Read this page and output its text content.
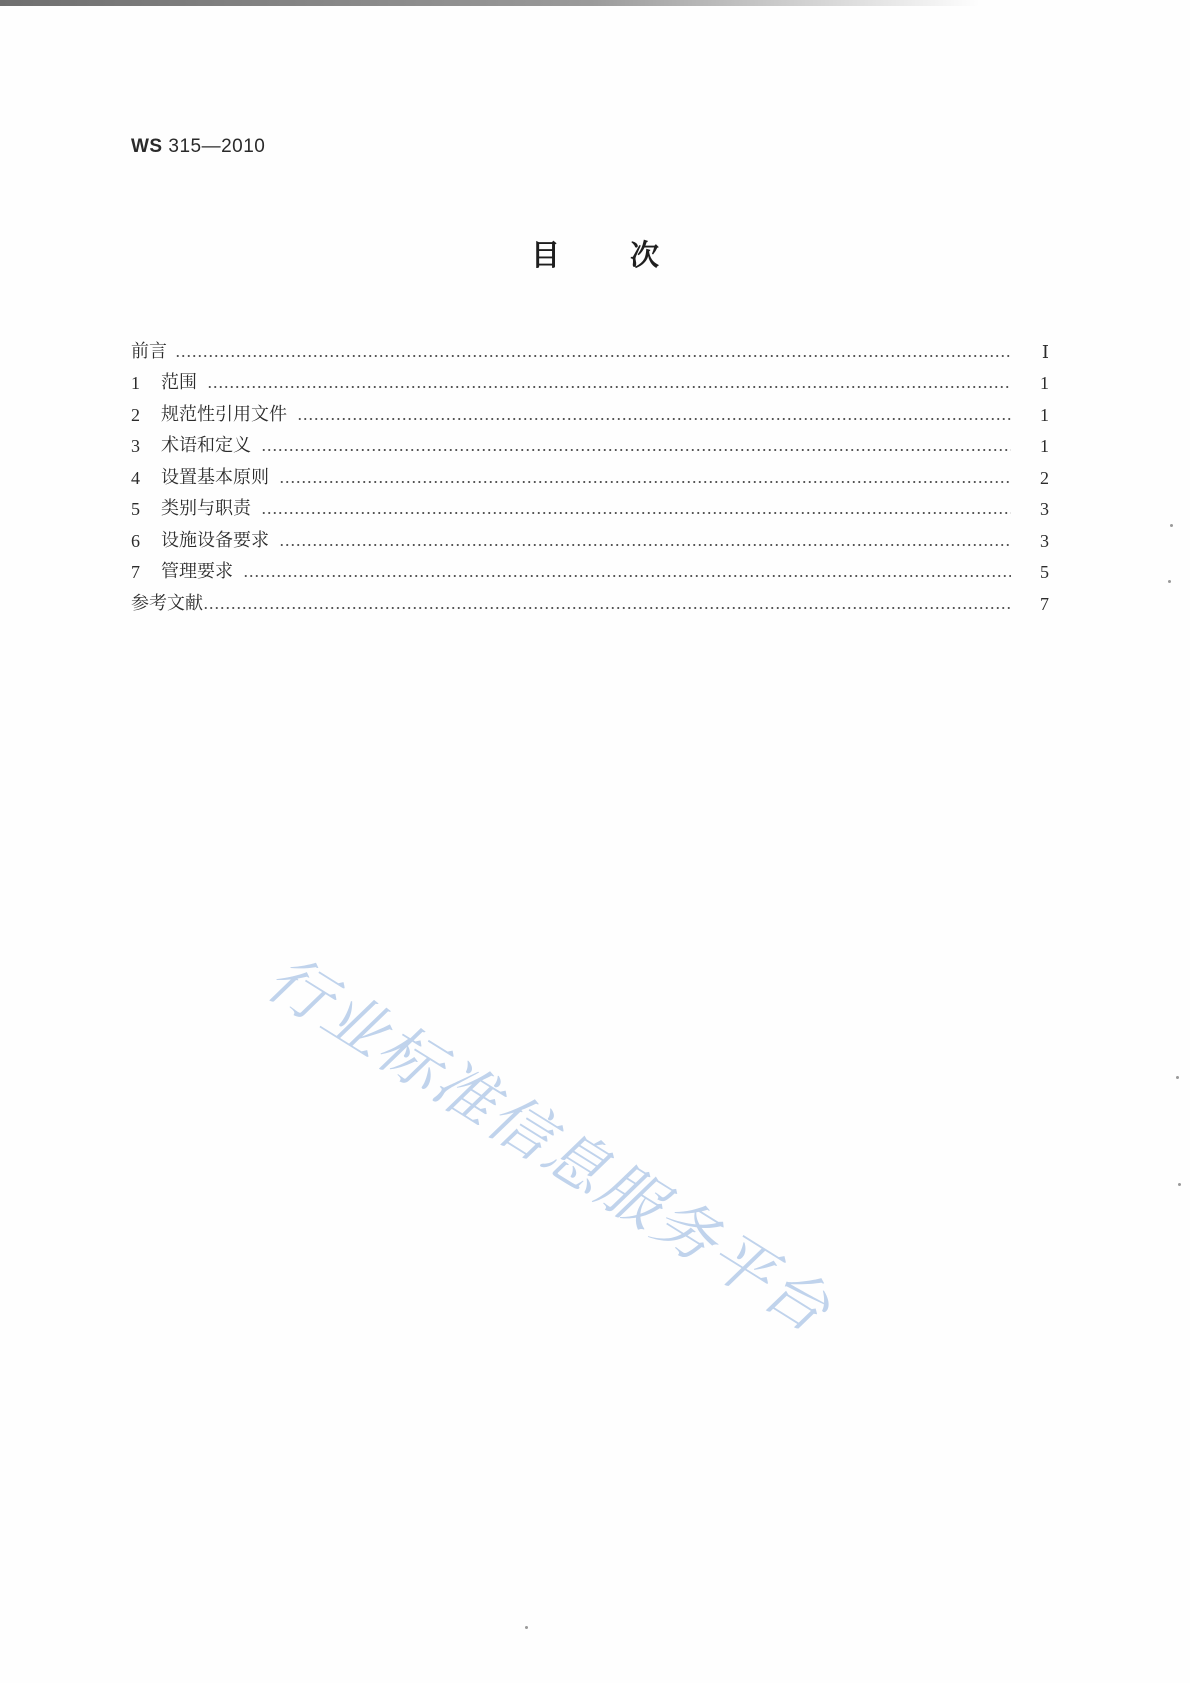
WS 315—2010
目 次
前言	Ⅰ
1	范围	1
2	规范性引用文件	1
3	术语和定义	1
4	设置基本原则	2
5	类别与职责	3
6	设施设备要求	3
7	管理要求	5
参考文献	7
行业标准信息服务平台
